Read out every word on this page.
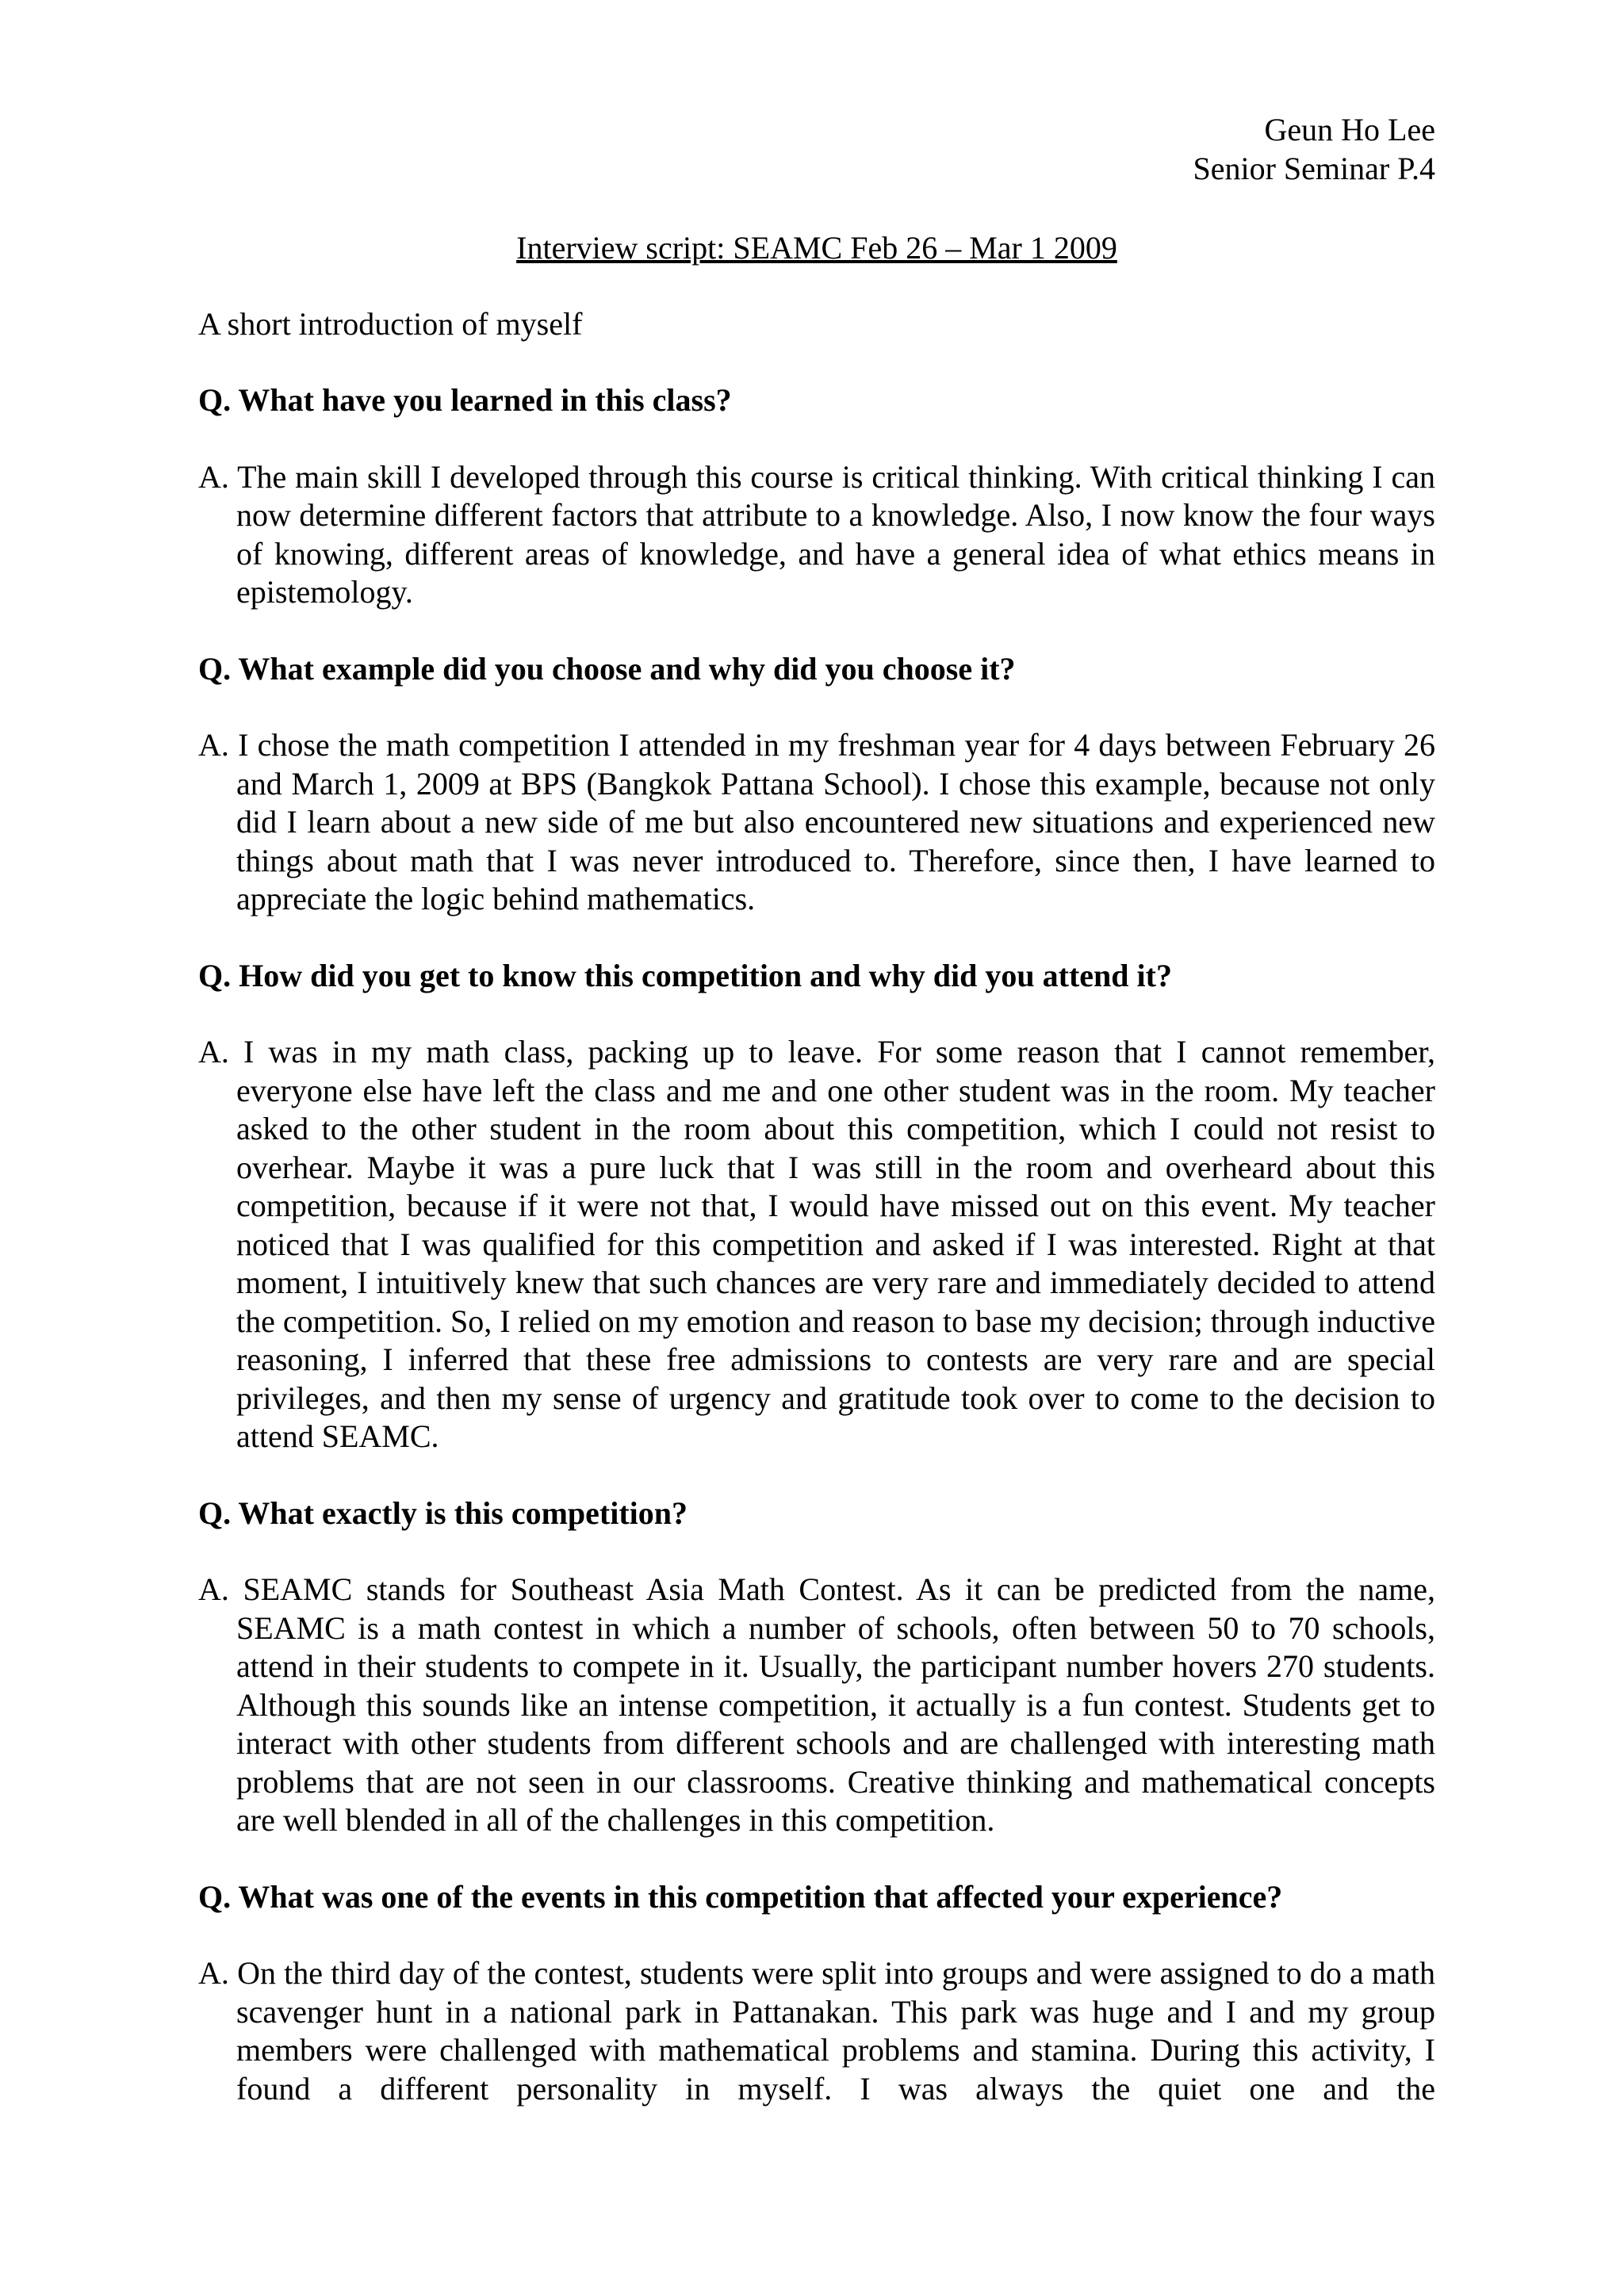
Geun Ho Lee
Senior Seminar P.4
Interview script: SEAMC Feb 26 – Mar 1 2009
A short introduction of myself
Q. What have you learned in this class?
A. The main skill I developed through this course is critical thinking. With critical thinking I can now determine different factors that attribute to a knowledge. Also, I now know the four ways of knowing, different areas of knowledge, and have a general idea of what ethics means in epistemology.
Q. What example did you choose and why did you choose it?
A. I chose the math competition I attended in my freshman year for 4 days between February 26 and March 1, 2009 at BPS (Bangkok Pattana School). I chose this example, because not only did I learn about a new side of me but also encountered new situations and experienced new things about math that I was never introduced to. Therefore, since then, I have learned to appreciate the logic behind mathematics.
Q. How did you get to know this competition and why did you attend it?
A. I was in my math class, packing up to leave. For some reason that I cannot remember, everyone else have left the class and me and one other student was in the room. My teacher asked to the other student in the room about this competition, which I could not resist to overhear. Maybe it was a pure luck that I was still in the room and overheard about this competition, because if it were not that, I would have missed out on this event. My teacher noticed that I was qualified for this competition and asked if I was interested. Right at that moment, I intuitively knew that such chances are very rare and immediately decided to attend the competition. So, I relied on my emotion and reason to base my decision; through inductive reasoning, I inferred that these free admissions to contests are very rare and are special privileges, and then my sense of urgency and gratitude took over to come to the decision to attend SEAMC.
Q. What exactly is this competition?
A. SEAMC stands for Southeast Asia Math Contest. As it can be predicted from the name, SEAMC is a math contest in which a number of schools, often between 50 to 70 schools, attend in their students to compete in it. Usually, the participant number hovers 270 students. Although this sounds like an intense competition, it actually is a fun contest. Students get to interact with other students from different schools and are challenged with interesting math problems that are not seen in our classrooms. Creative thinking and mathematical concepts are well blended in all of the challenges in this competition.
Q. What was one of the events in this competition that affected your experience?
A. On the third day of the contest, students were split into groups and were assigned to do a math scavenger hunt in a national park in Pattanakan. This park was huge and I and my group members were challenged with mathematical problems and stamina. During this activity, I found a different personality in myself. I was always the quiet one and the
